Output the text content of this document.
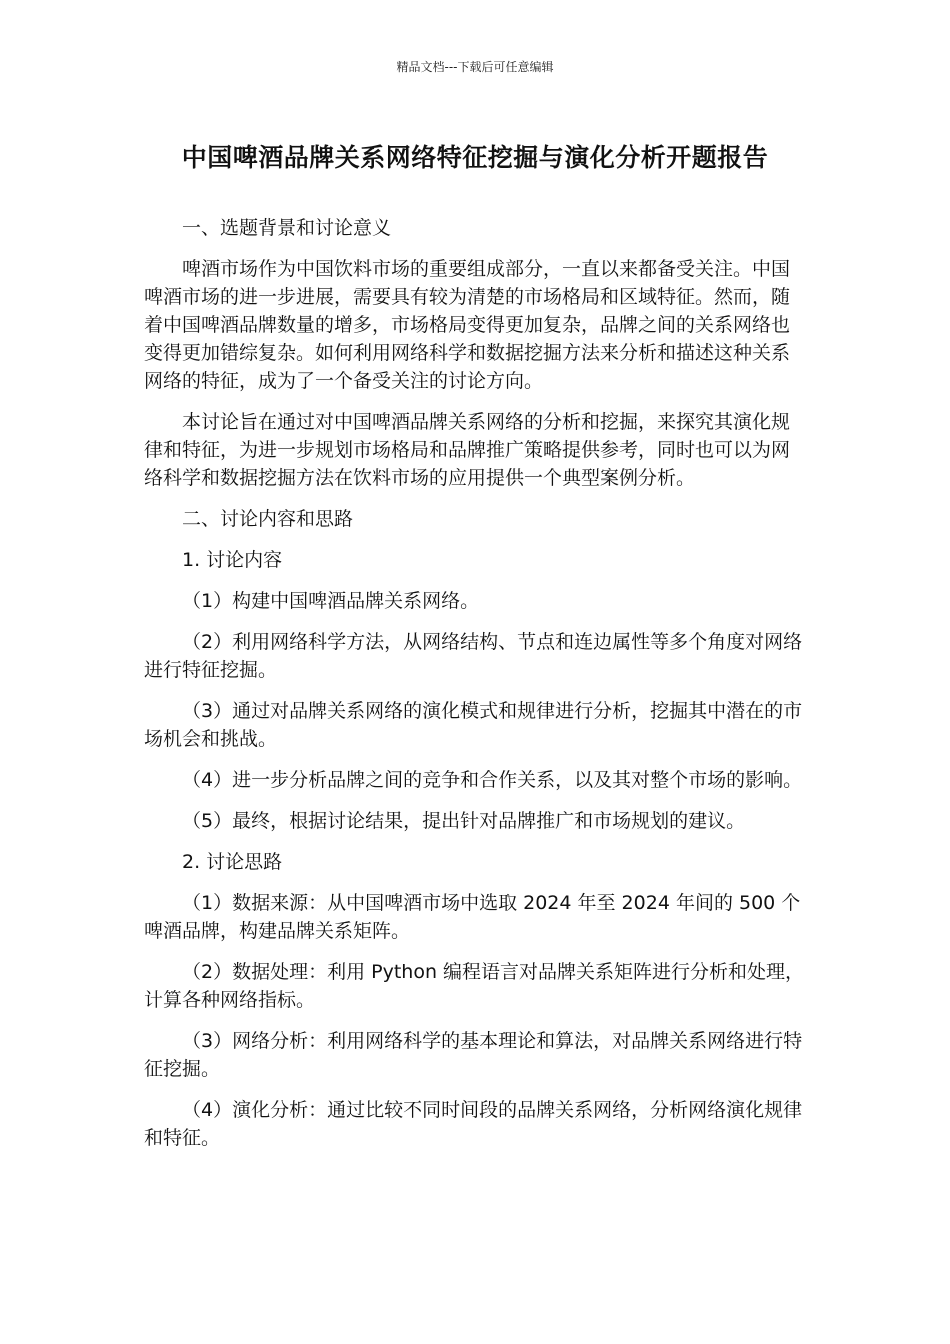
精品文档---下载后可任意编辑
中国啤酒品牌关系网络特征挖掘与演化分析开题报告

一、选题背景和讨论意义

啤酒市场作为中国饮料市场的重要组成部分，一直以来都备受关注。中国啤酒市场的进一步进展，需要具有较为清楚的市场格局和区域特征。然而，随着中国啤酒品牌数量的增多，市场格局变得更加复杂，品牌之间的关系网络也变得更加错综复杂。如何利用网络科学和数据挖掘方法来分析和描述这种关系网络的特征，成为了一个备受关注的讨论方向。

本讨论旨在通过对中国啤酒品牌关系网络的分析和挖掘，来探究其演化规律和特征，为进一步规划市场格局和品牌推广策略提供参考，同时也可以为网络科学和数据挖掘方法在饮料市场的应用提供一个典型案例分析。

二、讨论内容和思路

1. 讨论内容

（1）构建中国啤酒品牌关系网络。

（2）利用网络科学方法，从网络结构、节点和连边属性等多个角度对网络进行特征挖掘。

（3）通过对品牌关系网络的演化模式和规律进行分析，挖掘其中潜在的市场机会和挑战。

（4）进一步分析品牌之间的竞争和合作关系，以及其对整个市场的影响。

（5）最终，根据讨论结果，提出针对品牌推广和市场规划的建议。

2. 讨论思路

（1）数据来源：从中国啤酒市场中选取 2024 年至 2024 年间的 500 个啤酒品牌，构建品牌关系矩阵。

（2）数据处理：利用 Python 编程语言对品牌关系矩阵进行分析和处理，计算各种网络指标。

（3）网络分析：利用网络科学的基本理论和算法，对品牌关系网络进行特征挖掘。

（4）演化分析：通过比较不同时间段的品牌关系网络，分析网络演化规律和特征。
